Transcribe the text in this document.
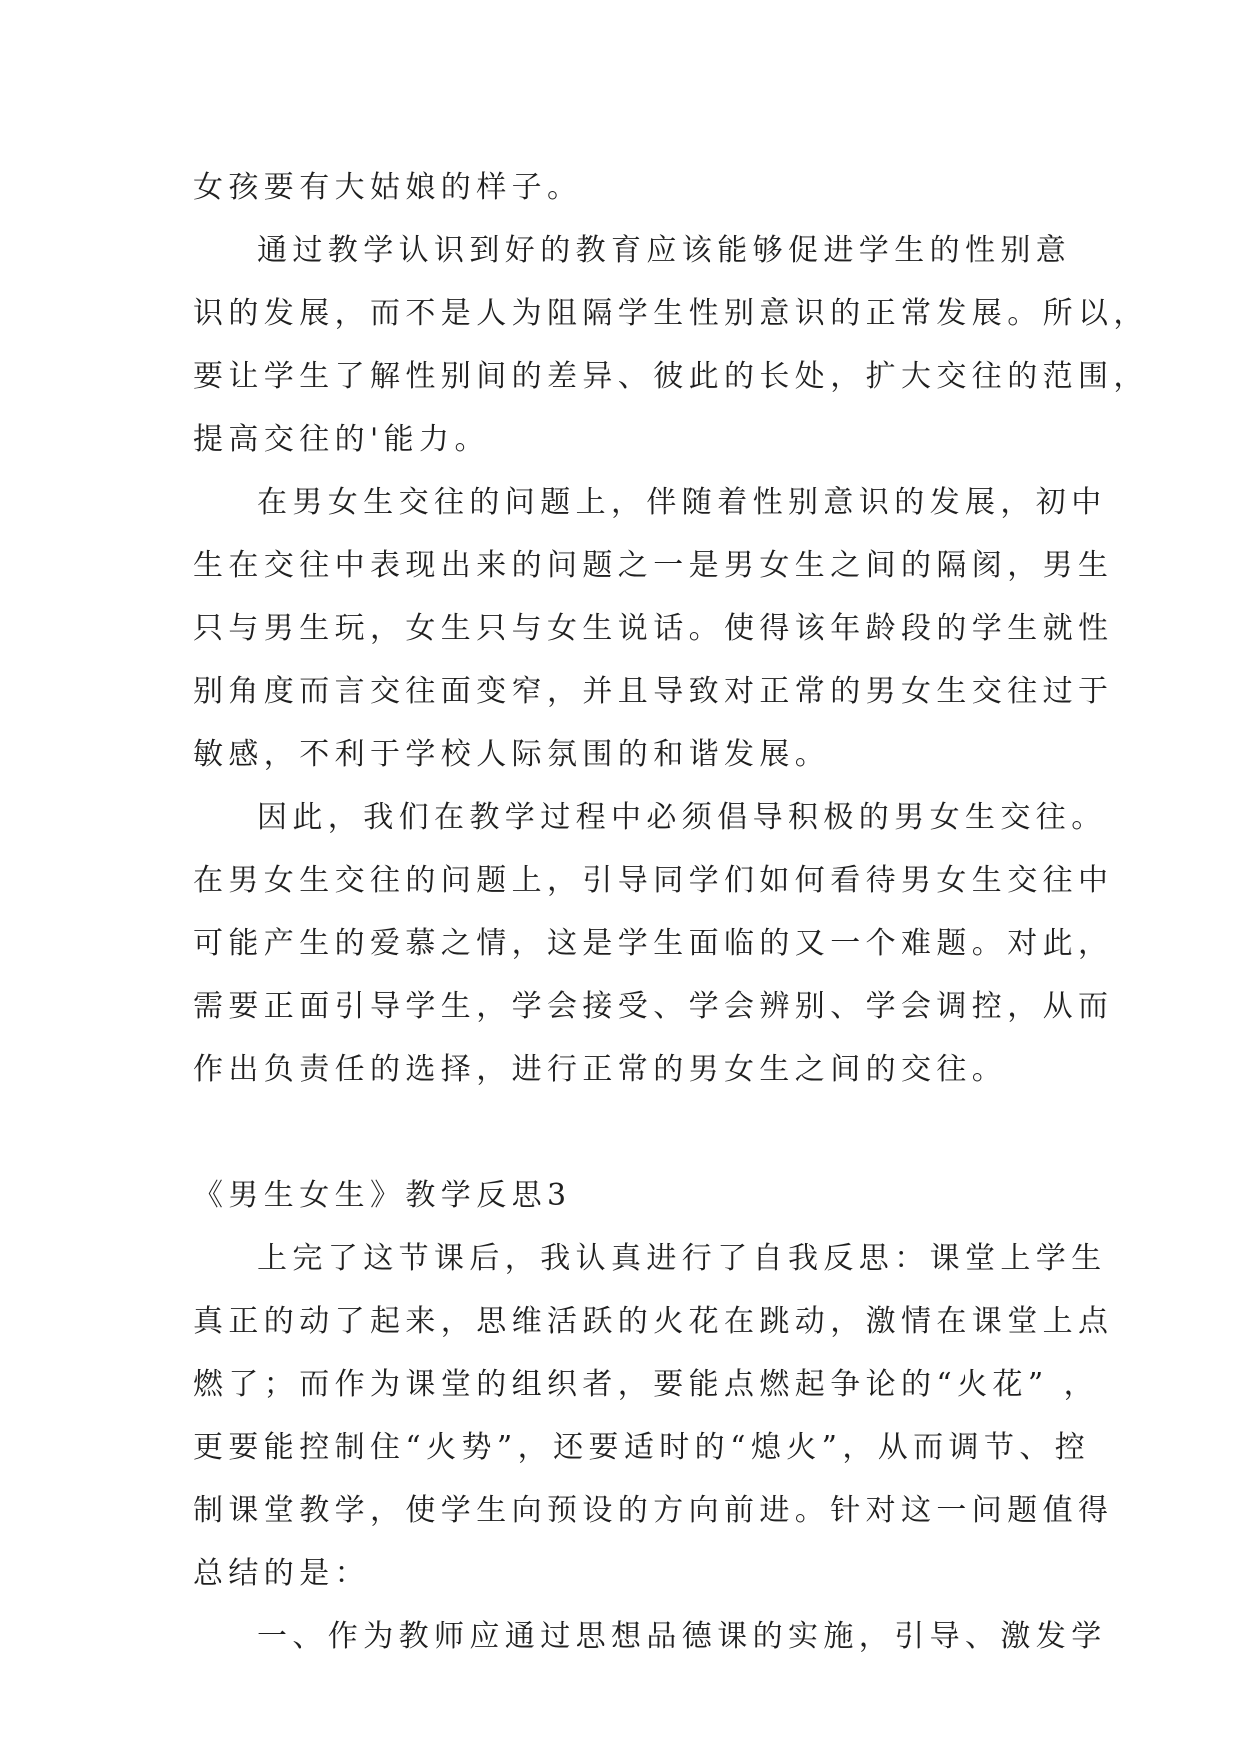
女孩要有大姑娘的样子。
通过教学认识到好的教育应该能够促进学生的性别意
识的发展，而不是人为阻隔学生性别意识的正常发展。所以，
要让学生了解性别间的差异、彼此的长处，扩大交往的范围，
提高交往的'能力。
在男女生交往的问题上，伴随着性别意识的发展，初中
生在交往中表现出来的问题之一是男女生之间的隔阂，男生
只与男生玩，女生只与女生说话。使得该年龄段的学生就性
别角度而言交往面变窄，并且导致对正常的男女生交往过于
敏感，不利于学校人际氛围的和谐发展。
因此，我们在教学过程中必须倡导积极的男女生交往。
在男女生交往的问题上，引导同学们如何看待男女生交往中
可能产生的爱慕之情，这是学生面临的又一个难题。对此，
需要正面引导学生，学会接受、学会辨别、学会调控，从而
作出负责任的选择，进行正常的男女生之间的交往。
《男生女生》教学反思3
上完了这节课后，我认真进行了自我反思：课堂上学生
真正的动了起来，思维活跃的火花在跳动，激情在课堂上点
燃了；而作为课堂的组织者，要能点燃起争论的“火花” ，
更要能控制住“火势”，还要适时的“熄火”，从而调节、控
制课堂教学，使学生向预设的方向前进。针对这一问题值得
总结的是：
一、作为教师应通过思想品德课的实施，引导、激发学
